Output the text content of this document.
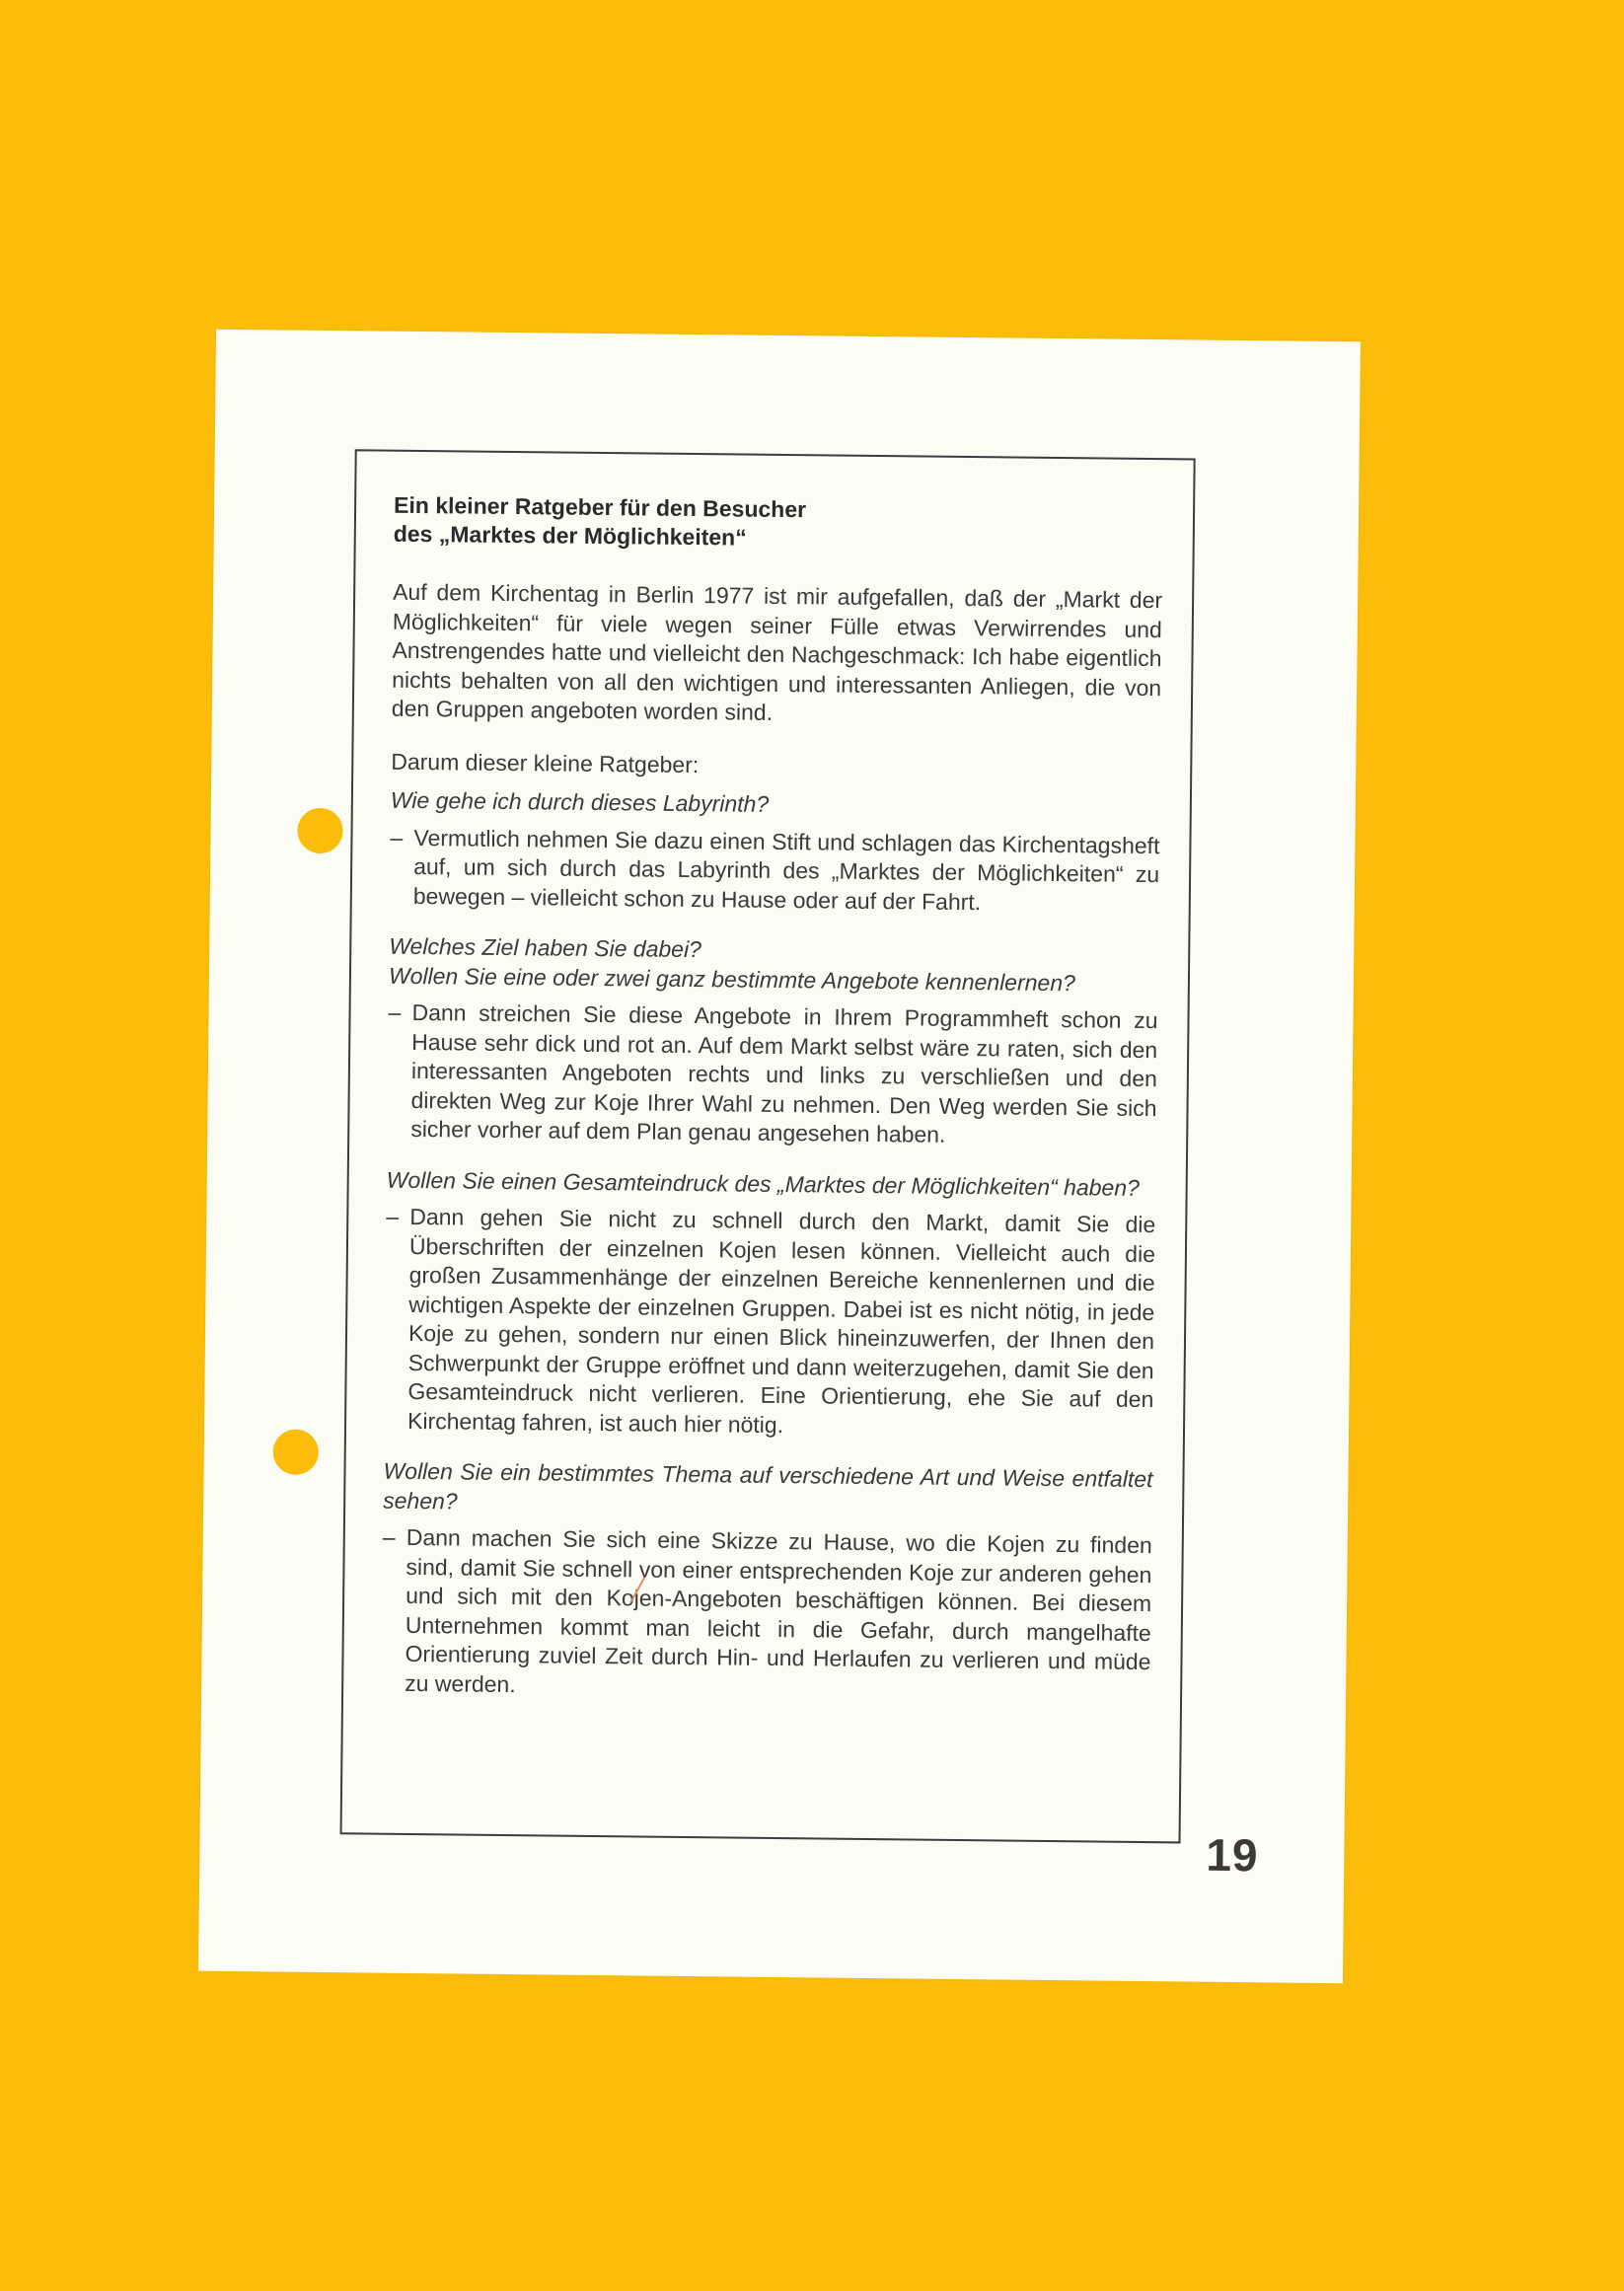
Ein kleiner Ratgeber für den Besucher
des „Marktes der Möglichkeiten“

Auf dem Kirchentag in Berlin 1977 ist mir aufgefallen, daß der „Markt der Möglichkeiten“ für viele wegen seiner Fülle etwas Verwirrendes und Anstrengendes hatte und vielleicht den Nachgeschmack: Ich habe eigentlich nichts behalten von all den wichtigen und interessanten Anliegen, die von den Gruppen angeboten worden sind.

Darum dieser kleine Ratgeber:

Wie gehe ich durch dieses Labyrinth?

– Vermutlich nehmen Sie dazu einen Stift und schlagen das Kirchentagsheft auf, um sich durch das Labyrinth des „Marktes der Möglichkeiten“ zu bewegen – vielleicht schon zu Hause oder auf der Fahrt.

Welches Ziel haben Sie dabei?

Wollen Sie eine oder zwei ganz bestimmte Angebote kennenlernen?

– Dann streichen Sie diese Angebote in Ihrem Programmheft schon zu Hause sehr dick und rot an. Auf dem Markt selbst wäre zu raten, sich den interessanten Angeboten rechts und links zu verschließen und den direkten Weg zur Koje Ihrer Wahl zu nehmen. Den Weg werden Sie sich sicher vorher auf dem Plan genau angesehen haben.

Wollen Sie einen Gesamteindruck des „Marktes der Möglichkeiten“ haben?

– Dann gehen Sie nicht zu schnell durch den Markt, damit Sie die Überschriften der einzelnen Kojen lesen können. Vielleicht auch die großen Zusammenhänge der einzelnen Bereiche kennenlernen und die wichtigen Aspekte der einzelnen Gruppen. Dabei ist es nicht nötig, in jede Koje zu gehen, sondern nur einen Blick hineinzuwerfen, der Ihnen den Schwerpunkt der Gruppe eröffnet und dann weiterzugehen, damit Sie den Gesamteindruck nicht verlieren. Eine Orientierung, ehe Sie auf den Kirchentag fahren, ist auch hier nötig.

Wollen Sie ein bestimmtes Thema auf verschiedene Art und Weise entfaltet sehen?

– Dann machen Sie sich eine Skizze zu Hause, wo die Kojen zu finden sind, damit Sie schnell von einer entsprechenden Koje zur anderen gehen und sich mit den Kojen-Angeboten beschäftigen können. Bei diesem Unternehmen kommt man leicht in die Gefahr, durch mangelhafte Orientierung zuviel Zeit durch Hin- und Herlaufen zu verlieren und müde zu werden.
19
